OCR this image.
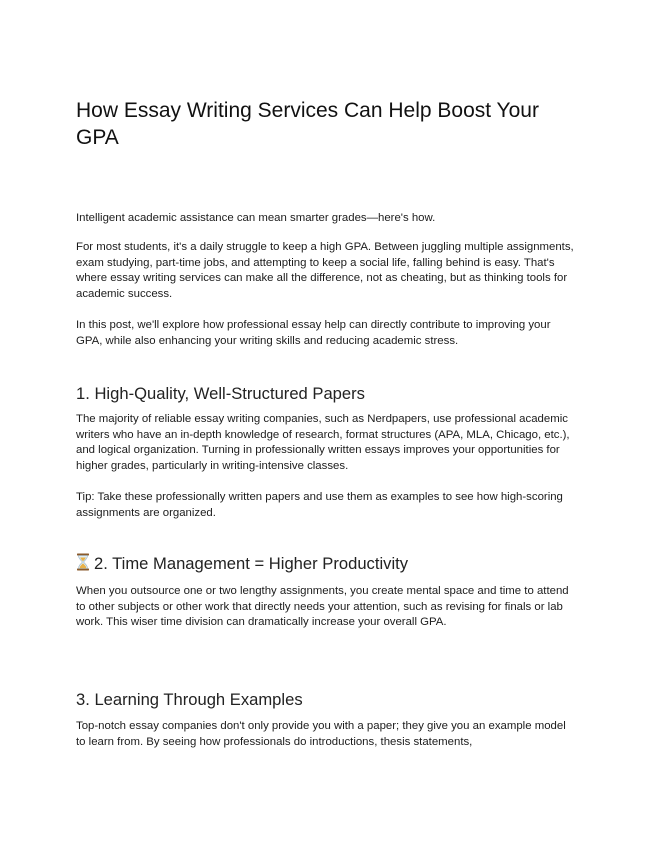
How Essay Writing Services Can Help Boost Your GPA

Intelligent academic assistance can mean smarter grades—here's how.

For most students, it's a daily struggle to keep a high GPA. Between juggling multiple assignments, exam studying, part-time jobs, and attempting to keep a social life, falling behind is easy. That's where essay writing services can make all the difference, not as cheating, but as thinking tools for academic success.

In this post, we'll explore how professional essay help can directly contribute to improving your GPA, while also enhancing your writing skills and reducing academic stress.

1. High-Quality, Well-Structured Papers

The majority of reliable essay writing companies, such as Nerdpapers, use professional academic writers who have an in-depth knowledge of research, format structures (APA, MLA, Chicago, etc.), and logical organization. Turning in professionally written essays improves your opportunities for higher grades, particularly in writing-intensive classes.

Tip: Take these professionally written papers and use them as examples to see how high-scoring assignments are organized.

2. Time Management = Higher Productivity

When you outsource one or two lengthy assignments, you create mental space and time to attend to other subjects or other work that directly needs your attention, such as revising for finals or lab work. This wiser time division can dramatically increase your overall GPA.

3. Learning Through Examples

Top-notch essay companies don't only provide you with a paper; they give you an example model to learn from. By seeing how professionals do introductions, thesis statements,
